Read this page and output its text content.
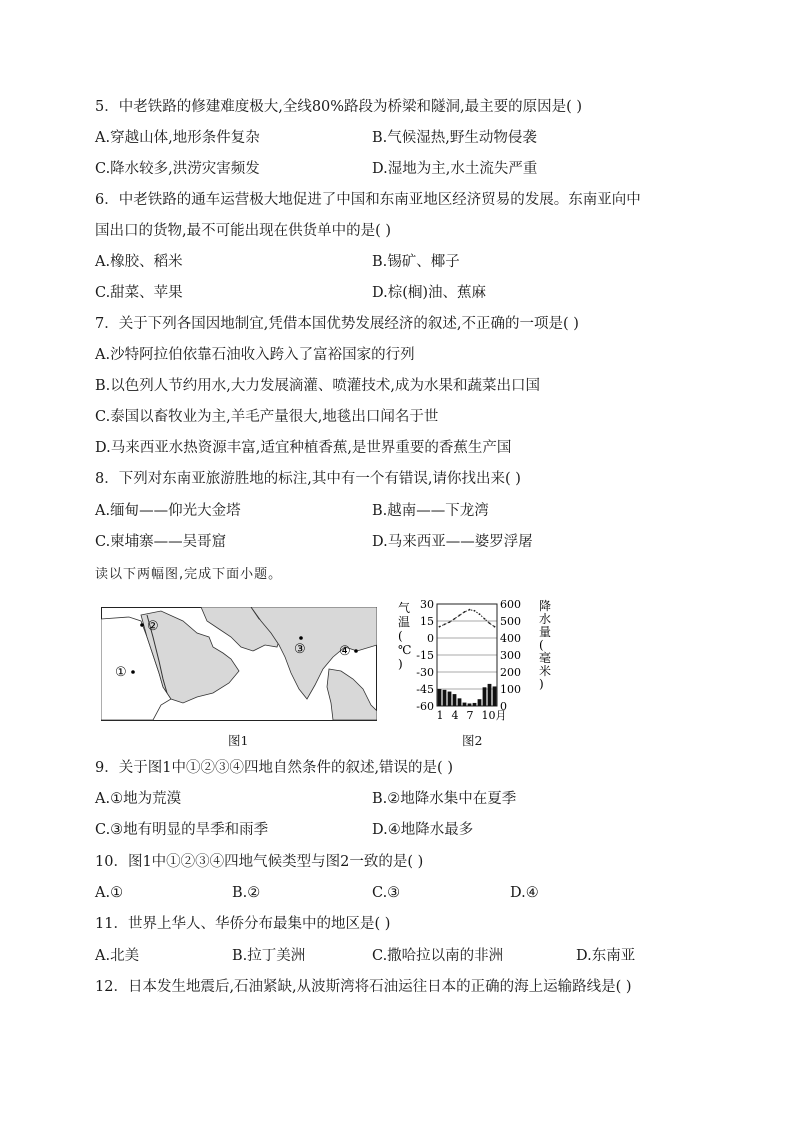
5．中老铁路的修建难度极大,全线80%路段为桥梁和隧洞,最主要的原因是( )
A.穿越山体,地形条件复杂	B.气候湿热,野生动物侵袭
C.降水较多,洪涝灾害频发	D.湿地为主,水土流失严重
6．中老铁路的通车运营极大地促进了中国和东南亚地区经济贸易的发展。东南亚向中
国出口的货物,最不可能出现在供货单中的是( )
A.橡胶、稻米	B.锡矿、椰子
C.甜菜、苹果	D.棕(榈)油、蕉麻
7．关于下列各国因地制宜,凭借本国优势发展经济的叙述,不正确的一项是( )
A.沙特阿拉伯依靠石油收入跨入了富裕国家的行列
B.以色列人节约用水,大力发展滴灌、喷灌技术,成为水果和蔬菜出口国
C.泰国以畜牧业为主,羊毛产量很大,地毯出口闻名于世
D.马来西亚水热资源丰富,适宜种植香蕉,是世界重要的香蕉生产国
8．下列对东南亚旅游胜地的标注,其中有一个有错误,请你找出来( )
A.缅甸——仰光大金塔	B.越南——下龙湾
C.柬埔寨——吴哥窟	D.马来西亚——婆罗浮屠
读以下两幅图,完成下面小题。
①
②
③	④
图1
气
温
(
℃
)
降
水
量
(
毫
米
)
30
15
0
-15
-30
-45
-60
600
500
400
300
200
100
0
1 4 7 10月
图2
9．关于图1中①②③④四地自然条件的叙述,错误的是( )
A.①地为荒漠	B.②地降水集中在夏季
C.③地有明显的旱季和雨季	D.④地降水最多
10．图1中①②③④四地气候类型与图2一致的是( )
A.①	B.②	C.③	D.④
11．世界上华人、华侨分布最集中的地区是( )
A.北美	B.拉丁美洲	C.撒哈拉以南的非洲	D.东南亚
12．日本发生地震后,石油紧缺,从波斯湾将石油运往日本的正确的海上运输路线是( )
